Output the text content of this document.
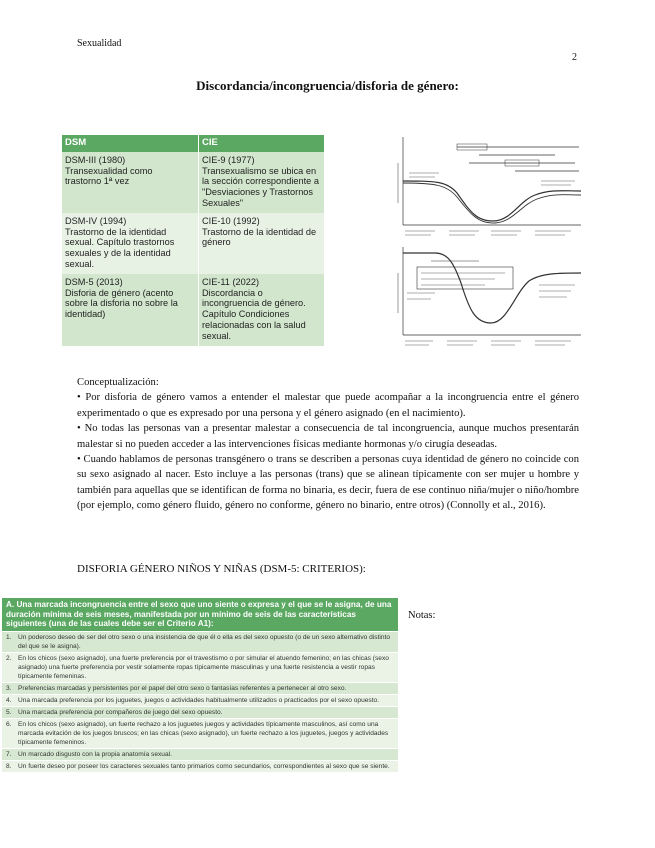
Sexualidad
2
Discordancia/incongruencia/disforia de género:
DSM	CIE
DSM-III (1980)
Transexualidad como
trastorno 1ª vez	CIE-9 (1977)
Transexualismo se ubica en la sección correspondiente a "Desviaciones y Trastornos Sexuales"
DSM-IV (1994)
Trastorno de la identidad sexual. Capítulo trastornos sexuales y de la identidad sexual.	CIE-10 (1992)
Trastorno de la identidad de género
DSM-5 (2013)
Disforia de género (acento sobre la disforia no sobre la identidad)	CIE-11 (2022)
Discordancia o incongruencia de género. Capítulo Condiciones relacionadas con la salud sexual.

Conceptualización:

• Por disforia de género vamos a entender el malestar que puede acompañar a la incongruencia entre el género experimentado o que es expresado por una persona y el género asignado (en el nacimiento).

• No todas las personas van a presentar malestar a consecuencia de tal incongruencia, aunque muchos presentarán malestar si no pueden acceder a las intervenciones físicas mediante hormonas y/o cirugía deseadas.

• Cuando hablamos de personas transgénero o trans se describen a personas cuya identidad de género no coincide con su sexo asignado al nacer. Esto incluye a las personas (trans) que se alinean típicamente con ser mujer u hombre y también para aquellas que se identifican de forma no binaria, es decir, fuera de ese continuo niña/mujer o niño/hombre (por ejemplo, como género fluido, género no conforme, género no binario, entre otros) (Connolly et al., 2016).

DISFORIA GÉNERO NIÑOS Y NIÑAS (DSM-5: CRITERIOS):
A. Una marcada incongruencia entre el sexo que uno siente o expresa y el que se le asigna, de una duración mínima de seis meses, manifestada por un mínimo de seis de las características siguientes (una de las cuales debe ser el Criterio A1):
1. Un poderoso deseo de ser del otro sexo o una insistencia de que él o ella es del sexo opuesto (o de un sexo alternativo distinto del que se le asigna).
2. En los chicos (sexo asignado), una fuerte preferencia por el travestismo o por simular el atuendo femenino; en las chicas (sexo asignado) una fuerte preferencia por vestir solamente ropas típicamente masculinas y una fuerte resistencia a vestir ropas típicamente femeninas.
3. Preferencias marcadas y persistentes por el papel del otro sexo o fantasías referentes a pertenecer al otro sexo.
4. Una marcada preferencia por los juguetes, juegos o actividades habitualmente utilizados o practicados por el sexo opuesto.
5. Una marcada preferencia por compañeros de juego del sexo opuesto.
6. En los chicos (sexo asignado), un fuerte rechazo a los juguetes juegos y actividades típicamente masculinos, así como una marcada evitación de los juegos bruscos; en las chicas (sexo asignado), un fuerte rechazo a los juguetes, juegos y actividades típicamente femeninos.
7. Un marcado disgusto con la propia anatomía sexual.
8. Un fuerte deseo por poseer los caracteres sexuales tanto primarios como secundarios, correspondientes al sexo que se siente.
Notas:
